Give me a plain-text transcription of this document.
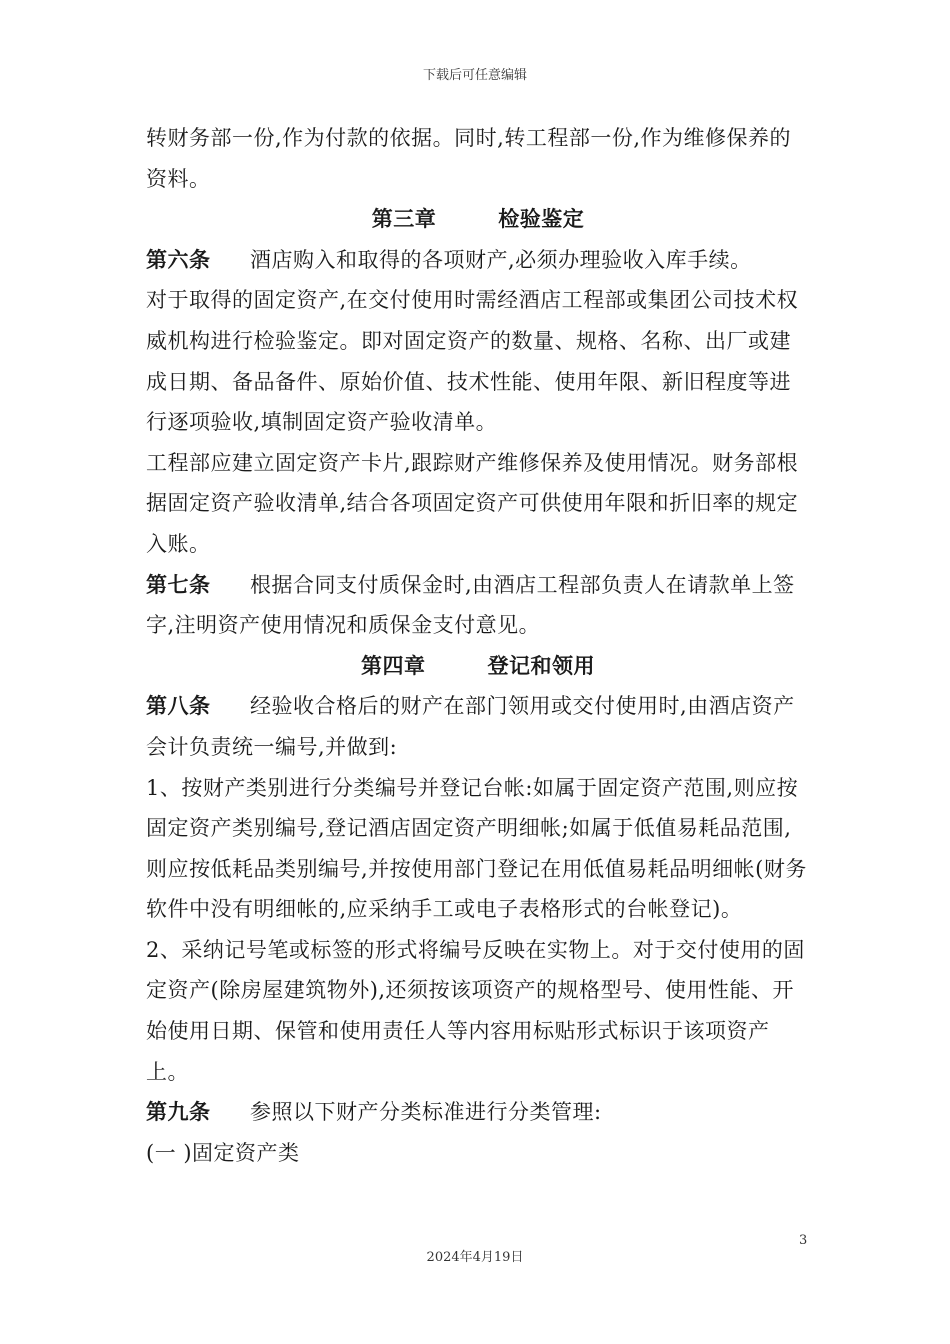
下载后可任意编辑

转财务部一份,作为付款的依据。同时,转工程部一份,作为维修保养的资料。

第三章	检验鉴定

第六条 酒店购入和取得的各项财产,必须办理验收入库手续。

对于取得的固定资产,在交付使用时需经酒店工程部或集团公司技术权威机构进行检验鉴定。即对固定资产的数量、规格、名称、出厂或建成日期、备品备件、原始价值、技术性能、使用年限、新旧程度等进行逐项验收,填制固定资产验收清单。

工程部应建立固定资产卡片,跟踪财产维修保养及使用情况。财务部根据固定资产验收清单,结合各项固定资产可供使用年限和折旧率的规定入账。

第七条 根据合同支付质保金时,由酒店工程部负责人在请款单上签字,注明资产使用情况和质保金支付意见。

第四章	登记和领用

第八条 经验收合格后的财产在部门领用或交付使用时,由酒店资产会计负责统一编号,并做到:

1、按财产类别进行分类编号并登记台帐:如属于固定资产范围,则应按固定资产类别编号,登记酒店固定资产明细帐;如属于低值易耗品范围,则应按低耗品类别编号,并按使用部门登记在用低值易耗品明细帐(财务软件中没有明细帐的,应采纳手工或电子表格形式的台帐登记)。

2、采纳记号笔或标签的形式将编号反映在实物上。对于交付使用的固定资产(除房屋建筑物外),还须按该项资产的规格型号、使用性能、开始使用日期、保管和使用责任人等内容用标贴形式标识于该项资产上。

第九条 参照以下财产分类标准进行分类管理:

(一 )固定资产类

3
2024年4月19日
